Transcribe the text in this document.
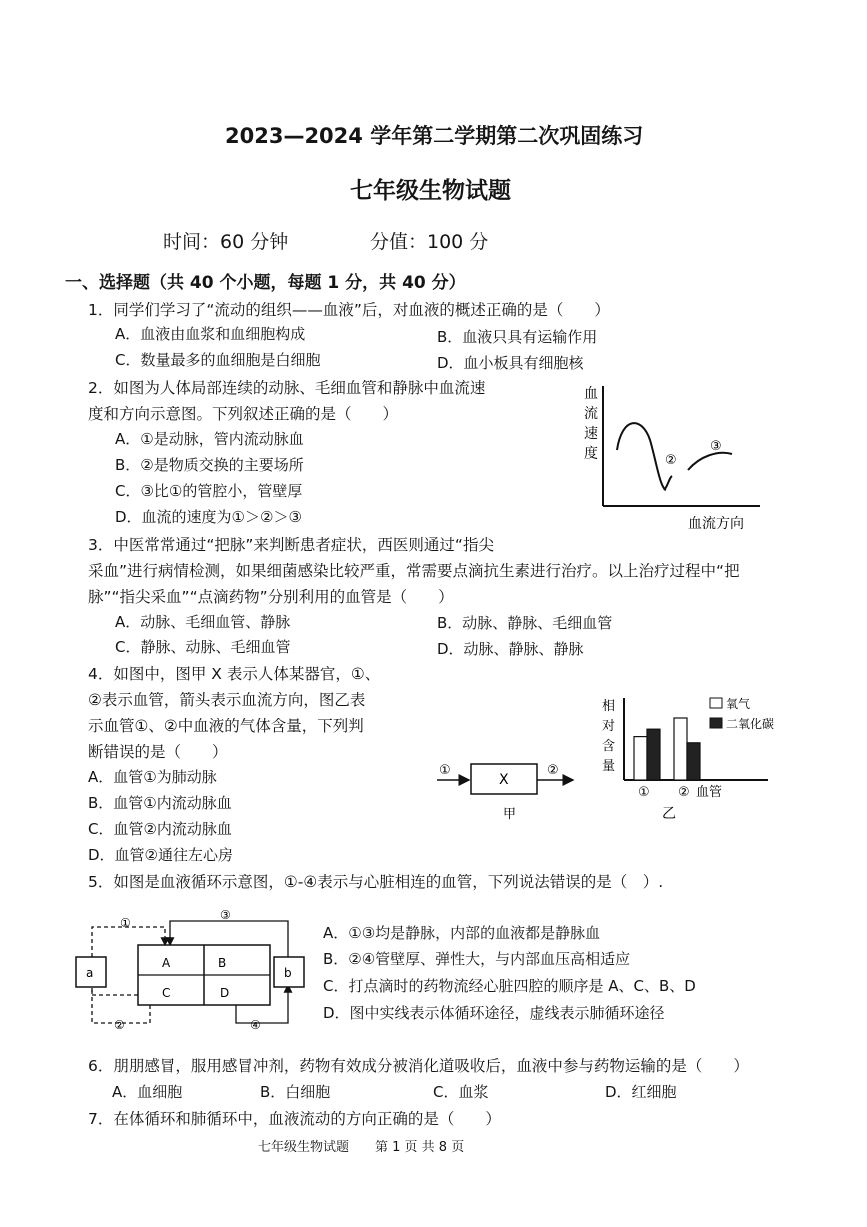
2023—2024 学年第二学期第二次巩固练习
七年级生物试题
时间：60 分钟	分值：100 分
一、选择题（共 40 个小题，每题 1 分，共 40 分）
1．同学们学习了“流动的组织——血液”后，对血液的概述正确的是（　　）
A．血液由血浆和血细胞构成	B．血液只具有运输作用
C．数量最多的血细胞是白细胞	D．血小板具有细胞核
2．如图为人体局部连续的动脉、毛细血管和静脉中血流速
度和方向示意图。下列叙述正确的是（　　）
A．①是动脉，管内流动脉血
B．②是物质交换的主要场所
C．③比①的管腔小，管壁厚
D．血流的速度为①＞②＞③
血
流
速
度	②
③
血流方向
3．中医常常通过“把脉”来判断患者症状，西医则通过“指尖
采血”进行病情检测，如果细菌感染比较严重，常需要点滴抗生素进行治疗。以上治疗过程中“把
脉”“指尖采血”“点滴药物”分别利用的血管是（　　）
A．动脉、毛细血管、静脉	B．动脉、静脉、毛细血管
C．静脉、动脉、毛细血管	D．动脉、静脉、静脉
4．如图中，图甲 X 表示人体某器官，①、
②表示血管，箭头表示血流方向，图乙表
示血管①、②中血液的气体含量，下列判
断错误的是（　　）
A．血管①为肺动脉
B．血管①内流动脉血
C．血管②内流动脉血
D．血管②通往左心房
①
X
②
甲
相
对
含
量
氧气
二氧化碳
① ② 血管
乙
5．如图是血液循环示意图，①-④表示与心脏相连的血管，下列说法错误的是（　）.
①
③
②	④
A	B
C	D
a	b
A．①③均是静脉，内部的血液都是静脉血
B．②④管壁厚、弹性大，与内部血压高相适应
C．打点滴时的药物流经心脏四腔的顺序是 A、C、B、D
D．图中实线表示体循环途径，虚线表示肺循环途径
6．朋朋感冒，服用感冒冲剂，药物有效成分被消化道吸收后，血液中参与药物运输的是（　　）
A．血细胞	B．白细胞	C．血浆	D．红细胞
7．在体循环和肺循环中，血液流动的方向正确的是（　　）
七年级生物试题　　第 1 页 共 8 页
